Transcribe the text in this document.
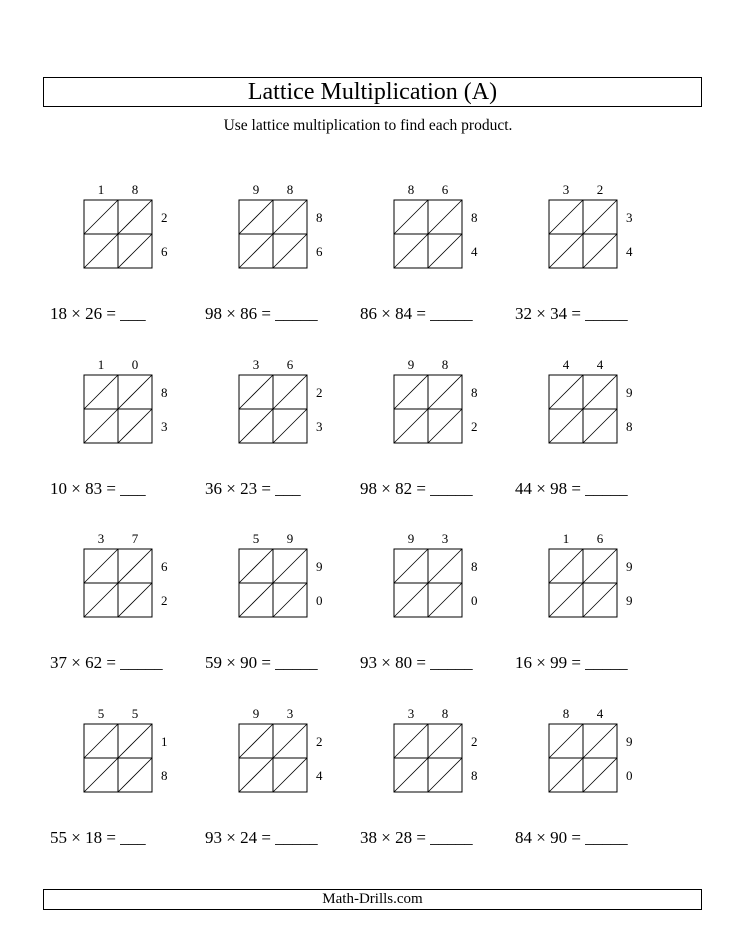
Lattice Multiplication (A)
Use lattice multiplication to find each product.
1 8
2
6
18 × 26 = ___
9 8
8
6
98 × 86 = _____
8 6
8
4
86 × 84 = _____
3 2
3
4
32 × 34 = _____
1 0
8
3
10 × 83 = ___
3 6
2
3
36 × 23 = ___
9 8
8
2
98 × 82 = _____
4 4
9
8
44 × 98 = _____
3 7
6
2
37 × 62 = _____
5 9
9
0
59 × 90 = _____
9 3
8
0
93 × 80 = _____
1 6
9
9
16 × 99 = _____
5 5
1
8
55 × 18 = ___
9 3
2
4
93 × 24 = _____
3 8
2
8
38 × 28 = _____
8 4
9
0
84 × 90 = _____
Math-Drills.com
